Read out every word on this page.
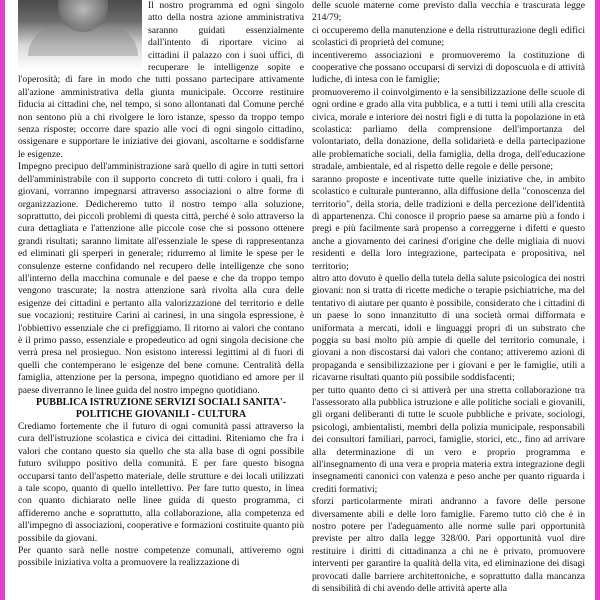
Il nostro programma ed ogni singolo atto della nostra azione amministrativa saranno guidati essenzialmente dall'intento di riportare vicino ai cittadini il palazzo con i suoi uffici, di recuperare le intelligenze sopite e l'operosità; di fare in modo che tutti possano partecipare attivamente all'azione amministrativa della giunta municipale. Occorre restituire fiducia ai cittadini che, nel tempo, si sono allontanati dal Comune perché non sentono più a chi rivolgere le loro istanze, spesso da troppo tempo senza risposte; occorre dare spazio alle voci di ogni singolo cittadino, ossigenare e supportare le iniziative dei giovani, ascoltarne e soddisfarne le esigenze.

Impegno precipuo dell'amministrazione sarà quello di agire in tutti settori dell'amministrabile con il supporto concreto di tutti coloro i quali, fra i giovani, vorranno impegnarsi attraverso associazioni o altre forme di organizzazione. Dedicheremo tutto il nostro tempo alla soluzione, soprattutto, dei piccoli problemi di questa città, perché è solo attraverso la cura dettagliata e l'attenzione alle piccole cose che si possono ottenere grandi risultati; saranno limitate all'essenziale le spese di rappresentanza ed eliminati gli sperperi in generale; ridurremo al limite le spese per le consulenze esterne confidando nel recupero delle intelligenze che sono all'interno della macchina comunale e del paese e che da troppo tempo vengono trascurate; la nostra attenzione sarà rivolta alla cura delle esigenze dei cittadini e pertanto alla valorizzazione del territorio e delle sue vocazioni; restituire Carini ai carinesi, in una singola espressione, è l'obbiettivo essenziale che ci prefiggiamo. Il ritorno ai valori che contano è il primo passo, essenziale e propedeutico ad ogni singola decisione che verrà presa nel prosieguo. Non esistono interessi legittimi al di fuori di quelli che contemperano le esigenze del bene comune. Centralità della famiglia, attenzione per la persona, impegno quotidiano ed amore per il paese diverranno le linee guida del nostro impegno quotidiano.

PUBBLICA ISTRUZIONE SERVIZI SOCIALI SANITA'-

POLITICHE GIOVANILI - CULTURA

Crediamo fortemente che il futuro di ogni comunità passi attraverso la cura dell'istruzione scolastica e civica dei cittadini. Riteniamo che fra i valori che contano questo sia quello che sta alla base di ogni possibile futuro sviluppo positivo della comunità. E per fare questo bisogna occuparsi tanto dell'aspetto materiale, delle strutture e dei locali utilizzati a tale scopo, quanto di quello intellettivo. Per fare tutto questo, in linea con quanto dichiarato nelle linee guida di questo programma, ci affideremo anche e soprattutto, alla collaborazione, alla competenza ed all'impegno di associazioni, cooperative e formazioni costituite quanto più possibile da giovani.

Per quanto sarà nelle nostre competenze comunali, attiveremo ogni possibile iniziativa volta a promuovere la realizzazione di

delle scuole materne come previsto dalla vecchia e trascurata legge 214/79;

ci occuperemo della manutenzione e della ristrutturazione degli edifici scolastici di proprietà del comune;

incentiveremo associazioni e promuoveremo la costituzione di cooperative che possano occuparsi di servizi di doposcuola e di attività ludiche, di intesa con le famiglie;

promuoveremo il coinvolgimento e la sensibilizzazione delle scuole di ogni ordine e grado alla vita pubblica, e a tutti i temi utili alla crescita civica, morale e interiore dei nostri figli e di tutta la popolazione in età scolastica: parliamo della comprensione dell'importanza del volontariato, della donazione, della solidarietà e della partecipazione alle problematiche sociali, della famiglia, della droga, dell'educazione stradale, ambientale, ed al rispetto delle regole e delle persone;

saranno proposte e incentivate tutte quelle iniziative che, in ambito scolastico e culturale punteranno, alla diffusione della "conoscenza del territorio", della storia, delle tradizioni e della percezione dell'identità di appartenenza. Chi conosce il proprio paese sa amarne più a fondo i pregi e più facilmente sarà propenso a correggerne i difetti e questo anche a giovamento dei carinesi d'origine che delle migliaia di nuovi residenti e della loro integrazione, partecipata e propositiva, nel territorio;

altro atto dovuto è quello della tutela della salute psicologica dei nostri giovani: non si tratta di ricette mediche o terapie psichiatriche, ma del tentativo di aiutare per quanto è possibile, considerato che i cittadini di un paese lo sono innanzitutto di una società ormai difformata e uniformata a mercati, idoli e linguaggi propri di un substrato che poggia su basi molto più ampie di quelle del territorio comunale, i giovani a non discostarsi dai valori che contano; attiveremo azioni di propaganda e sensibilizzazione per i giovani e per le famiglie, utili a ricavarne risultati quanto più possibile soddisfacenti;

per tutto quanto detto ci si attiverà per una stretta collaborazione tra l'assessorato alla pubblica istruzione e alle politiche sociali e giovanili, gli organi deliberanti di tutte le scuole pubbliche e private, sociologi, psicologi, ambientalisti, membri della polizia municipale, responsabili dei consultori familiari, parroci, famiglie, storici, etc., fino ad arrivare alla determinazione di un vero e proprio programma e all'insegnamento di una vera e propria materia extra integrazione degli insegnamenti canonici con valenza e peso anche per quanto riguarda i crediti formativi;

sforzi particolarmente mirati andranno a favore delle persone diversamente abili e delle loro famiglie. Faremo tutto ciò che è in nostro potere per l'adeguamento alle norme sulle pari opportunità previste per altro dalla legge 328/00. Pari opportunità vuol dire restituire i diritti di cittadinanza a chi ne è privato, promuovere interventi per garantire la qualità della vita, ed eliminazione dei disagi provocati dalle barriere architettoniche, e soprattutto dalla mancanza di sensibilità di chi avendo delle attività aperte alla
